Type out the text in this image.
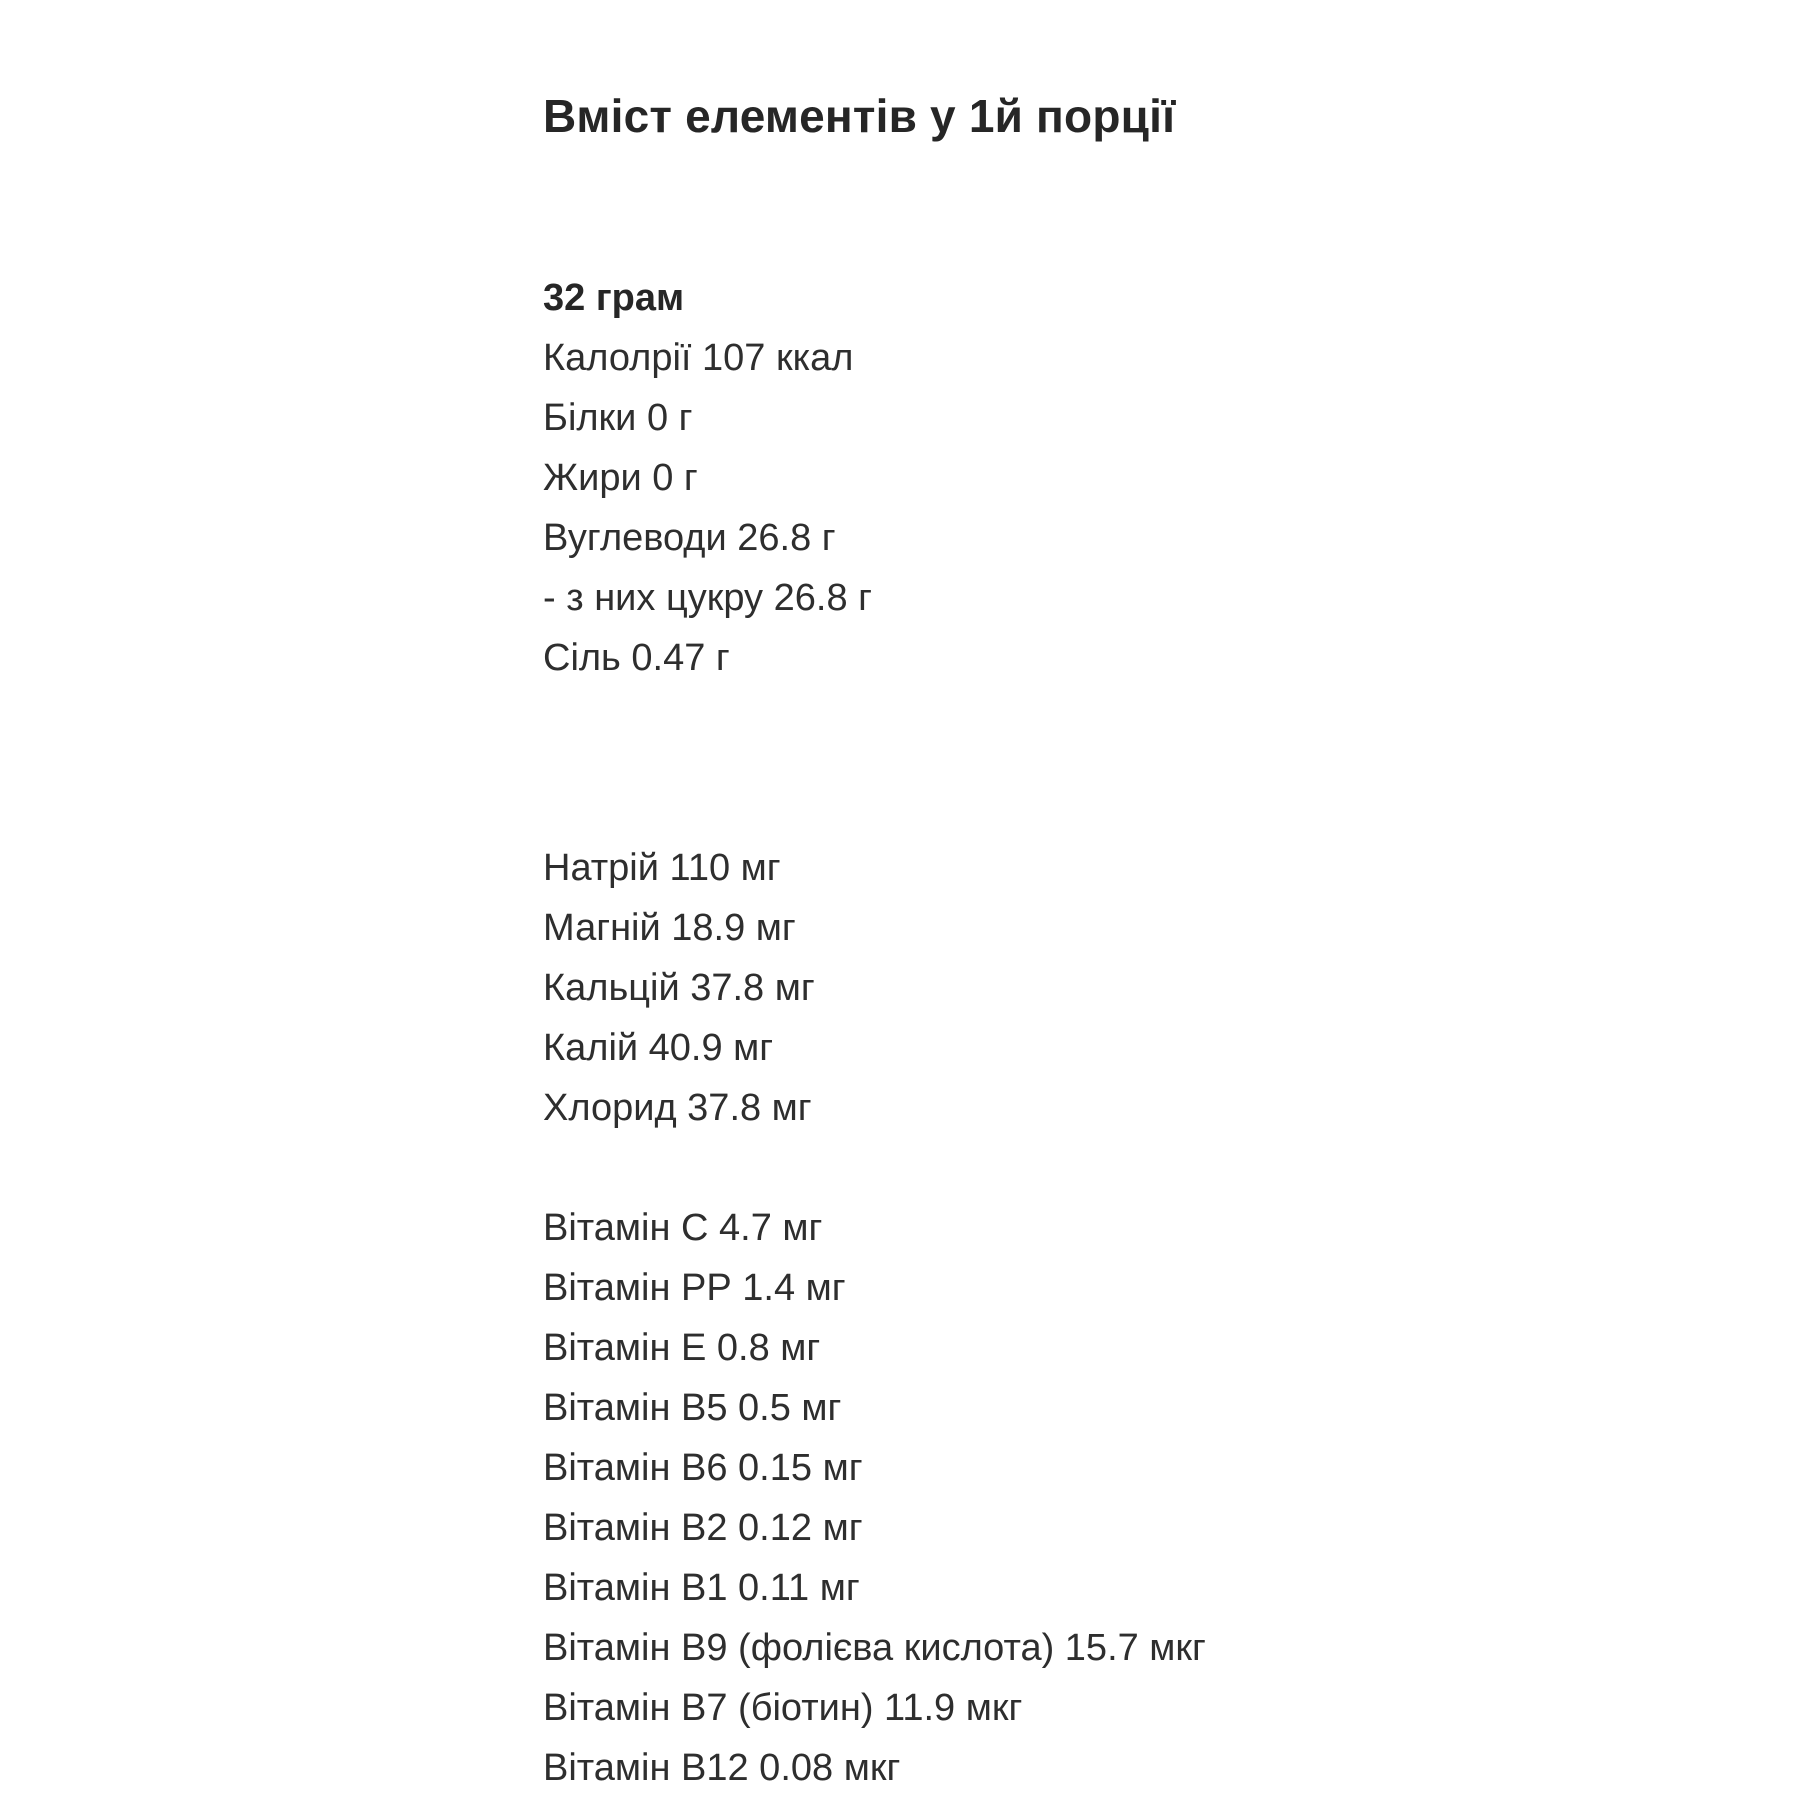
Вміст елементів у 1й порції
32 грам
Калолрії 107 ккал
Білки 0 г
Жири 0 г
Вуглеводи 26.8 г
- з них цукру 26.8 г
Сіль 0.47 г
Натрій 110 мг
Магній 18.9 мг
Кальцій 37.8 мг
Калій 40.9 мг
Хлорид 37.8 мг
Вітамін С 4.7 мг
Вітамін РР 1.4 мг
Вітамін Е 0.8 мг
Вітамін В5 0.5 мг
Вітамін В6 0.15 мг
Вітамін В2 0.12 мг
Вітамін В1 0.11 мг
Вітамін В9 (фолієва кислота) 15.7 мкг
Вітамін В7 (біотин) 11.9 мкг
Вітамін В12 0.08 мкг
